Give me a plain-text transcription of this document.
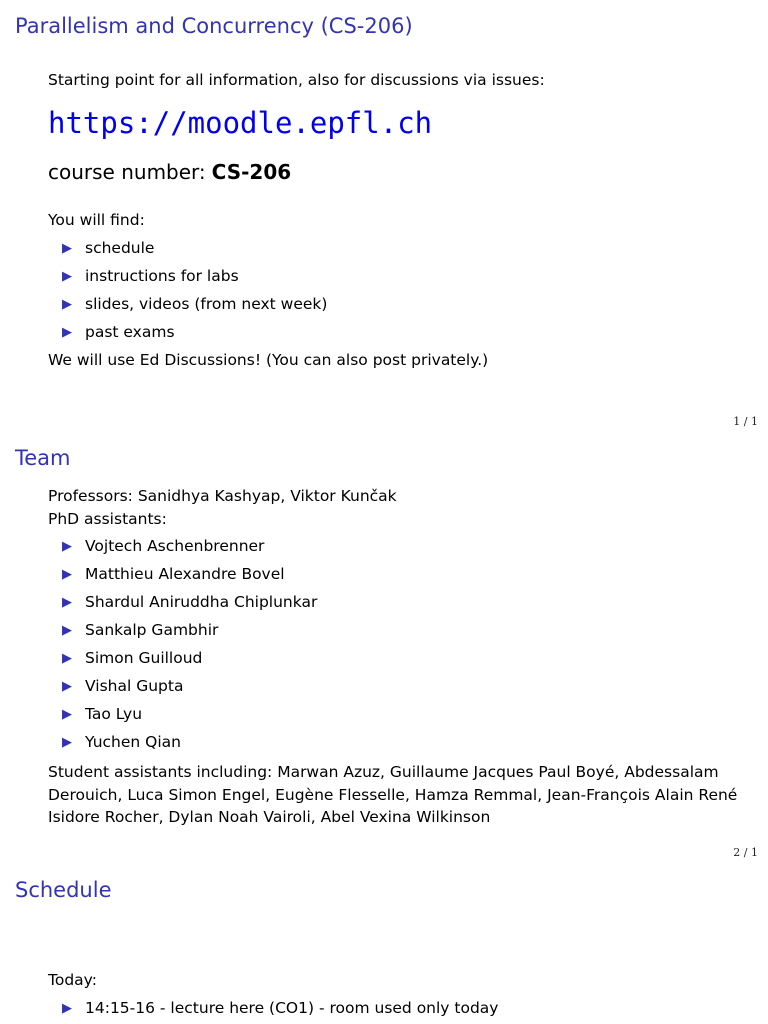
Parallelism and Concurrency (CS-206)
Starting point for all information, also for discussions via issues:
https://moodle.epfl.ch
course number: CS-206
You will find:
▶ schedule
▶ instructions for labs
▶ slides, videos (from next week)
▶ past exams
We will use Ed Discussions! (You can also post privately.)
1 / 1
Team
Professors: Sanidhya Kashyap, Viktor Kunčak
PhD assistants:
▶ Vojtech Aschenbrenner
▶ Matthieu Alexandre Bovel
▶ Shardul Aniruddha Chiplunkar
▶ Sankalp Gambhir
▶ Simon Guilloud
▶ Vishal Gupta
▶ Tao Lyu
▶ Yuchen Qian
Student assistants including: Marwan Azuz, Guillaume Jacques Paul Boyé, Abdessalam Derouich, Luca Simon Engel, Eugène Flesselle, Hamza Remmal, Jean-François Alain René Isidore Rocher, Dylan Noah Vairoli, Abel Vexina Wilkinson
2 / 1
Schedule
Today:
▶ 14:15-16 - lecture here (CO1) - room used only today
